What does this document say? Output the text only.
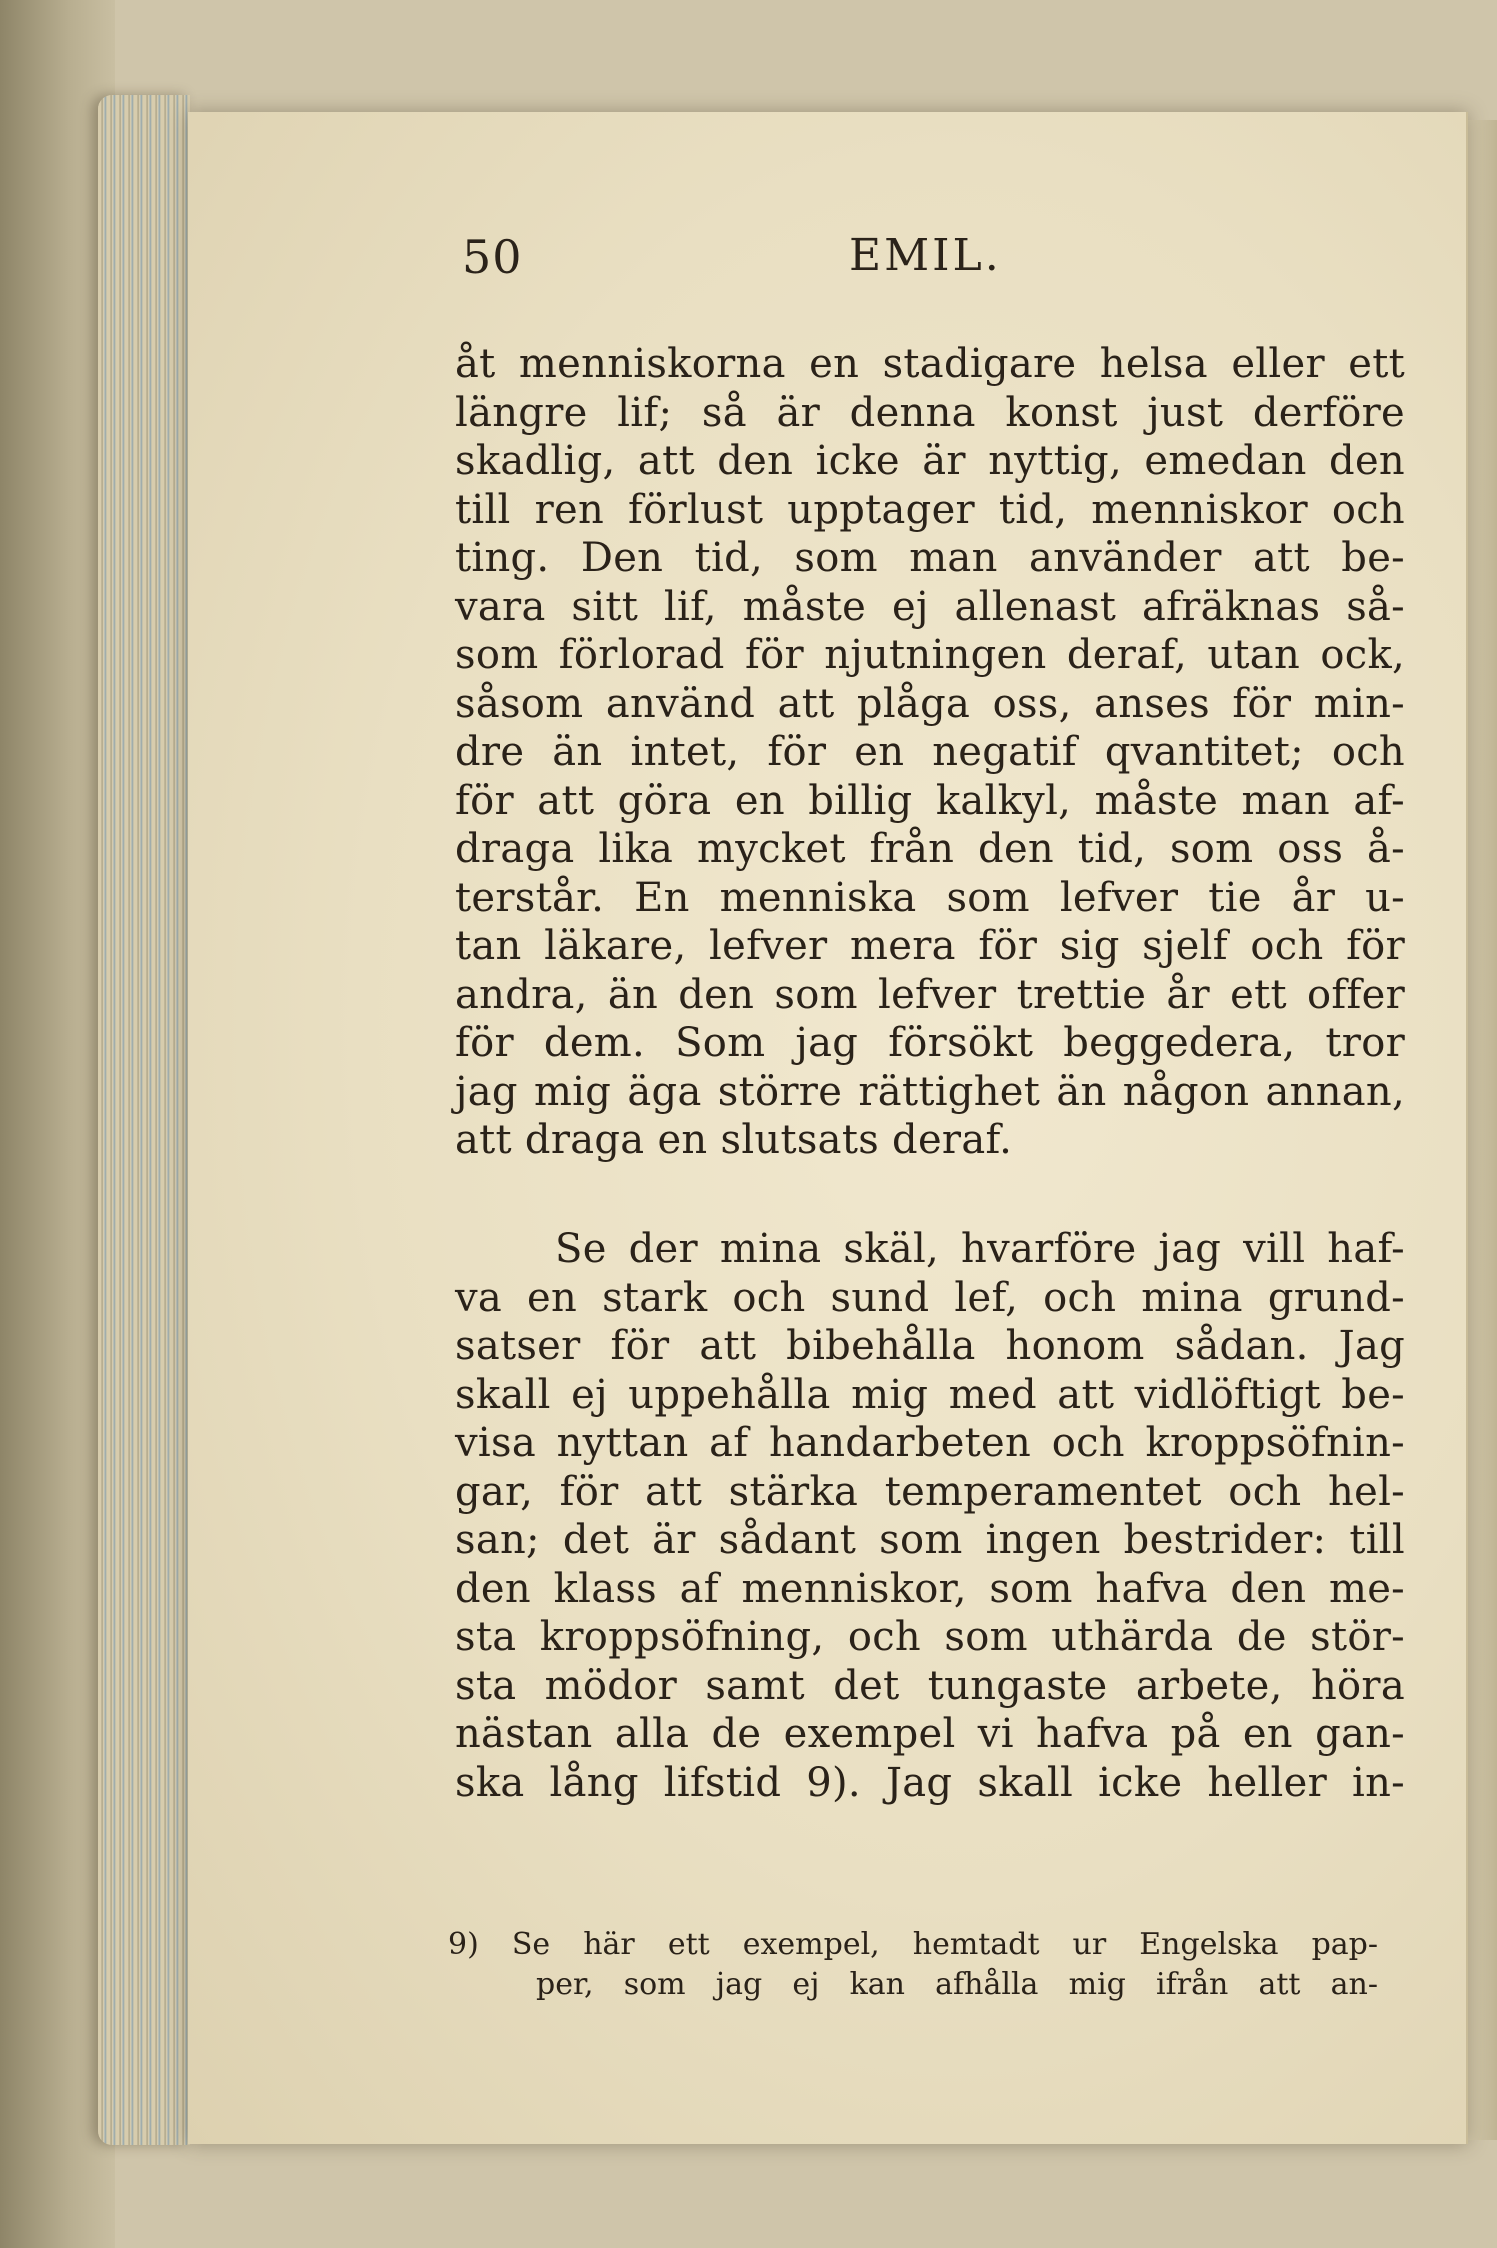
50	EMIL.
åt menniskorna en stadigare helsa eller ett
längre lif; så är denna konst just derföre
skadlig, att den icke är nyttig, emedan den
till ren förlust upptager tid, menniskor och
ting. Den tid, som man använder att be-
vara sitt lif, måste ej allenast afräknas så-
som förlorad för njutningen deraf, utan ock,
såsom använd att plåga oss, anses för min-
dre än intet, för en negatif qvantitet; och
för att göra en billig kalkyl, måste man af-
draga lika mycket från den tid, som oss å-
terstår. En menniska som lefver tie år u-
tan läkare, lefver mera för sig sjelf och för
andra, än den som lefver trettie år ett offer
för dem. Som jag försökt beggedera, tror
jag mig äga större rättighet än någon annan,
att draga en slutsats deraf.
Se der mina skäl, hvarföre jag vill haf-
va en stark och sund lef, och mina grund-
satser för att bibehålla honom sådan. Jag
skall ej uppehålla mig med att vidlöftigt be-
visa nyttan af handarbeten och kroppsöfnin-
gar, för att stärka temperamentet och hel-
san; det är sådant som ingen bestrider: till
den klass af menniskor, som hafva den me-
sta kroppsöfning, och som uthärda de stör-
sta mödor samt det tungaste arbete, höra
nästan alla de exempel vi hafva på en gan-
ska lång lifstid 9). Jag skall icke heller in-
9) Se här ett exempel, hemtadt ur Engelska pap-
per, som jag ej kan afhålla mig ifrån att an-
